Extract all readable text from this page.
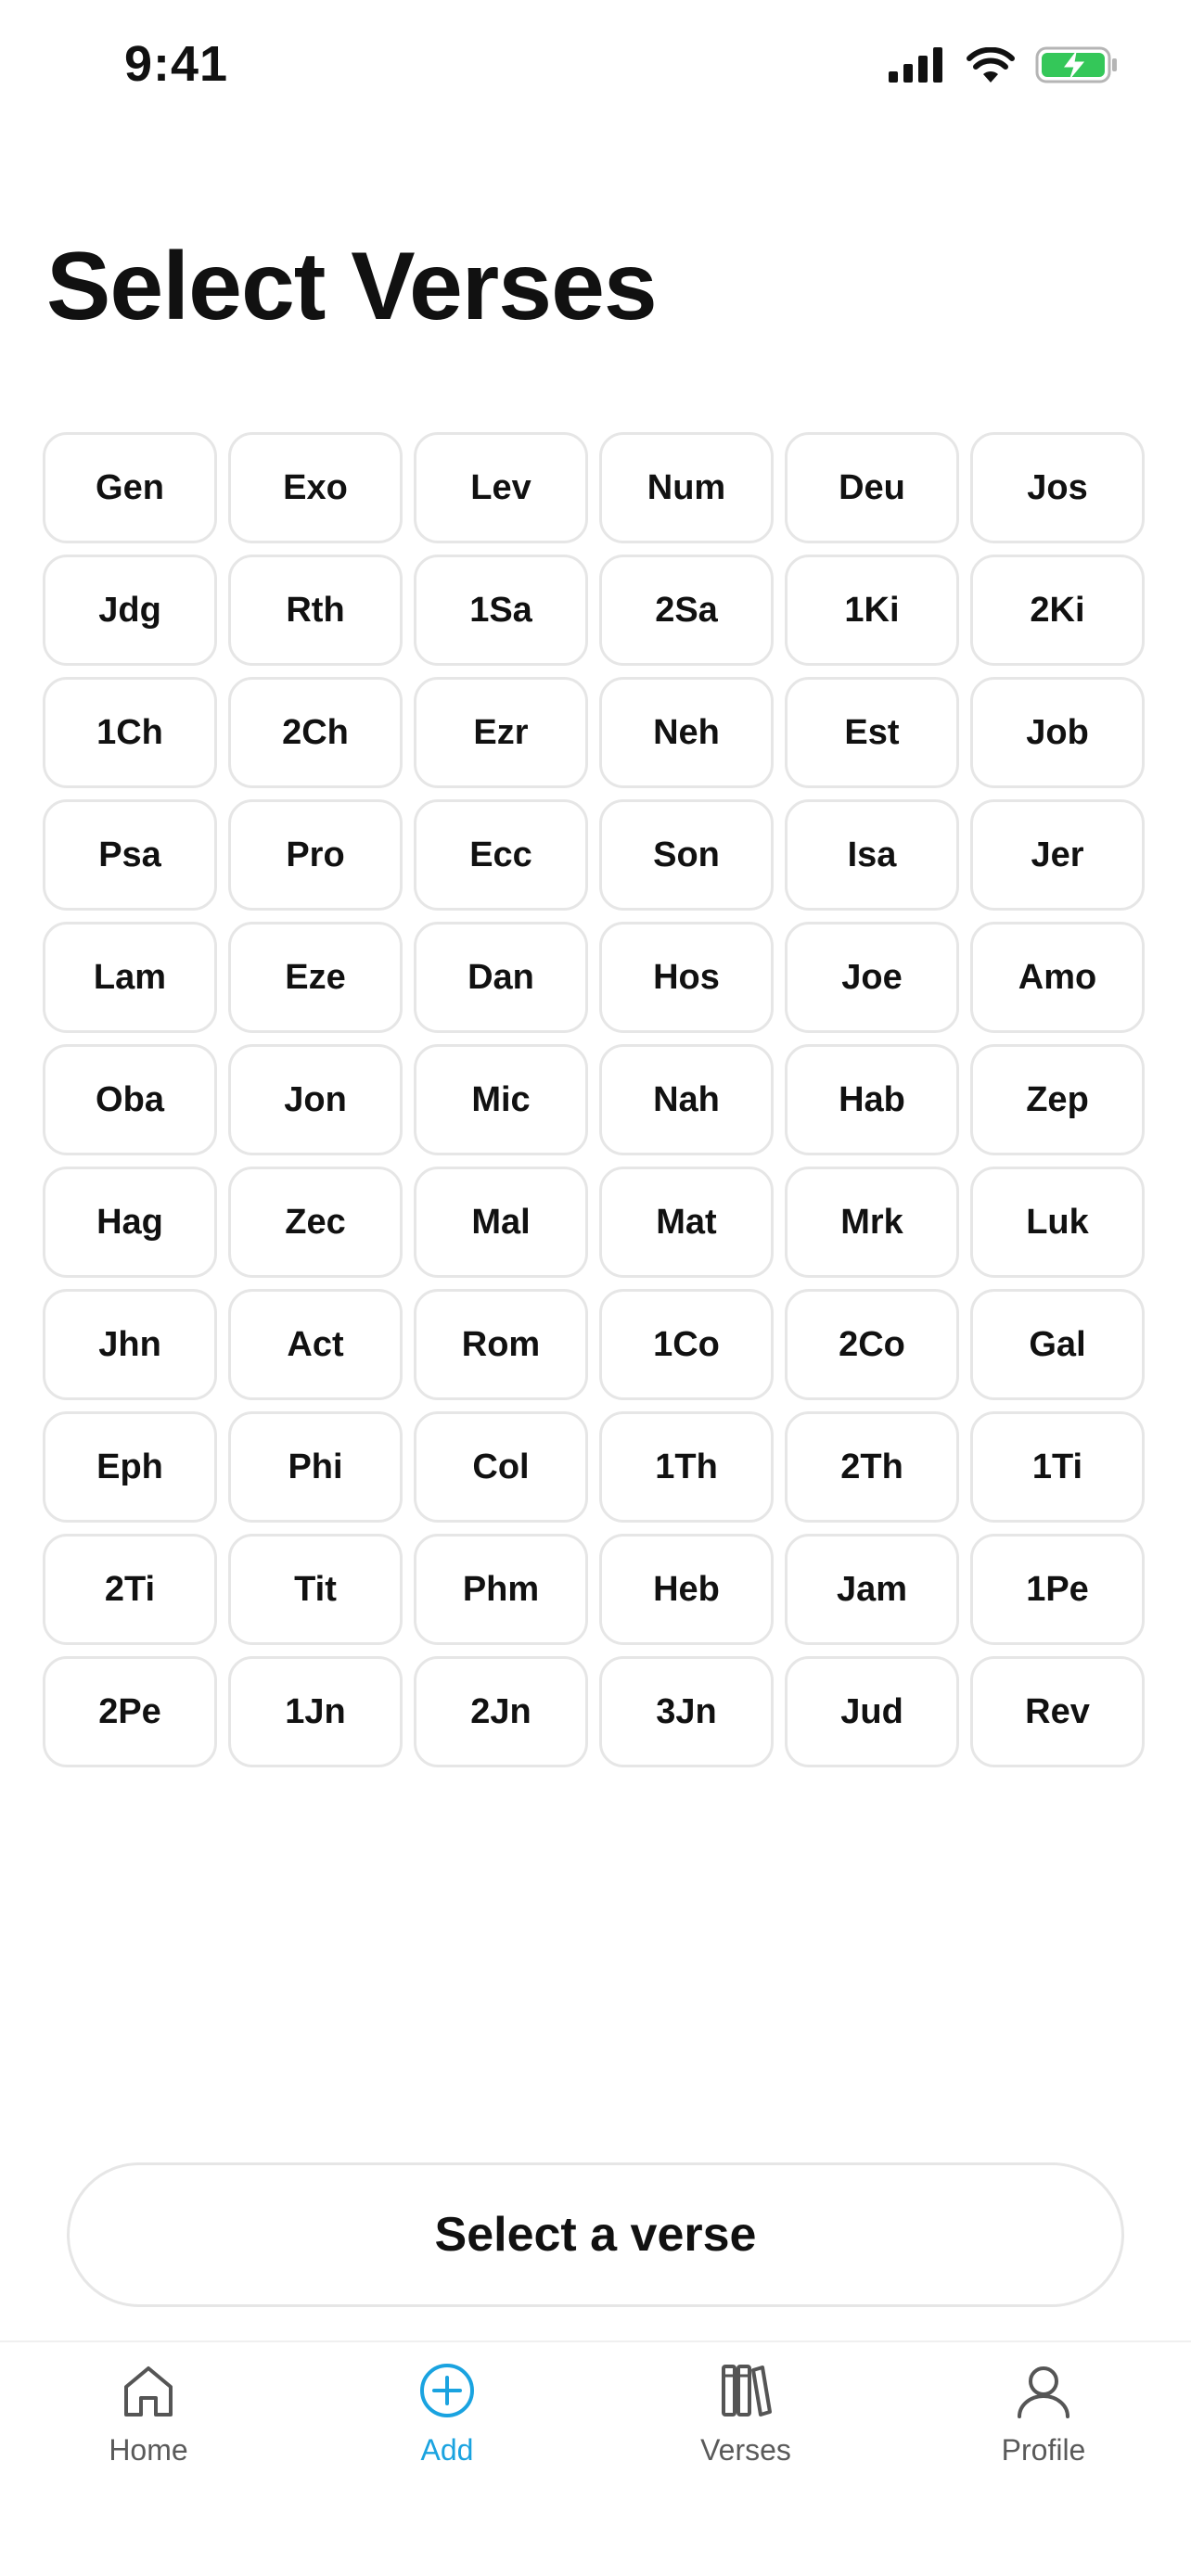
9:41
Select Verses
Gen	Exo	Lev	Num	Deu	Jos
Jdg	Rth	1Sa	2Sa	1Ki	2Ki
1Ch	2Ch	Ezr	Neh	Est	Job
Psa	Pro	Ecc	Son	Isa	Jer
Lam	Eze	Dan	Hos	Joe	Amo
Oba	Jon	Mic	Nah	Hab	Zep
Hag	Zec	Mal	Mat	Mrk	Luk
Jhn	Act	Rom	1Co	2Co	Gal
Eph	Phi	Col	1Th	2Th	1Ti
2Ti	Tit	Phm	Heb	Jam	1Pe
2Pe	1Jn	2Jn	3Jn	Jud	Rev
Select a verse
Home	Add	Verses	Profile
